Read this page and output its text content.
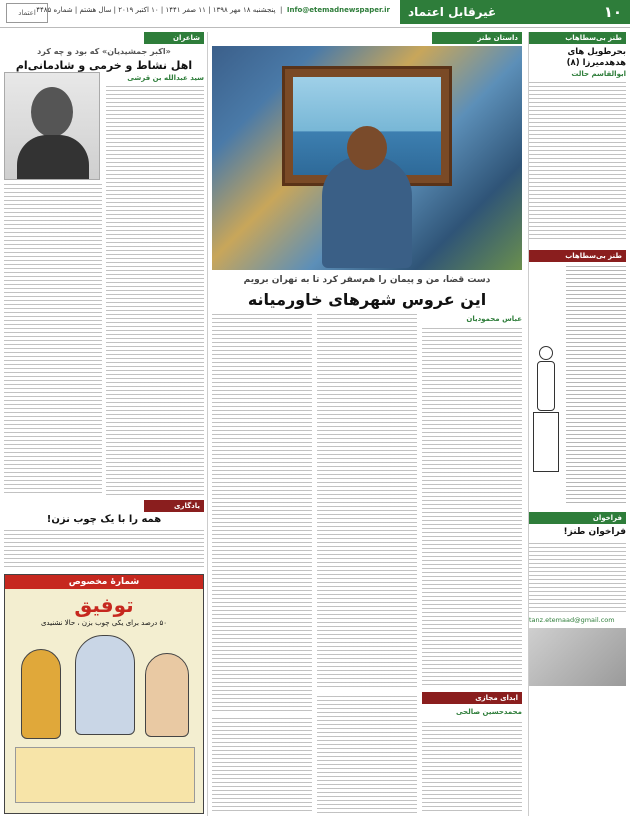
۱۰
غیرقابل اعتماد
Info@etemadnewspaper.ir  |  پنجشنبه ۱۸ مهر ۱۳۹۸ | ۱۱ صفر ۱۴۴۱ | ۱۰ اکتبر ۲۰۱۹ | سال هشتم | شماره ۴۴۸۵
اعتماد
طنز بی‌سطاهاب
بحرطویل های هدهدمیرزا (۸)
ابوالقاسم حالت
طنز بی‌سطاهاب
فراخوان
فراخوان طنز!
tanz.etemaad@gmail.com
داستان طنز
دست قضا، من و پیمان را هم‌سفر کرد تا به تهران برویم
این عروس شهرهای خاورمیانه
عباس محمودیان
ابدای مجازی
محمدحسین صالحی
شاعران
«اکبر جمشیدیان» که بود و چه کرد
اهل نشاط و خرمی و شادمانی‌ام
سید عبدالله بن قرشی
یادگاری
همه را با یک چوب نزن!
شمارهٔ مخصوص
توفیق
۵۰ درصد برای یکی چوب بزن ، حالا نشنیدی
